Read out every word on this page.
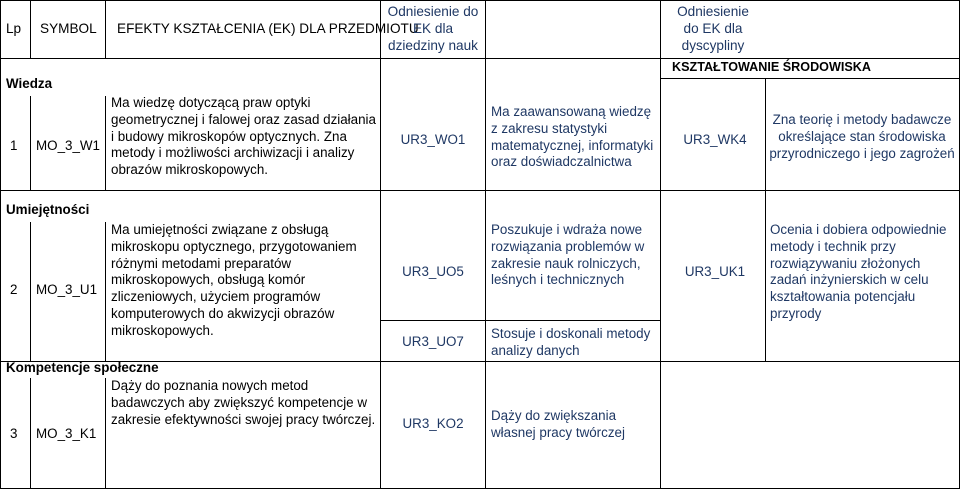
Lp SYMBOL EFEKTY KSZTAŁCENIA (EK) DLA PRZEDMIOTU
Odniesienie do EK dla dziedziny nauk
Odniesienie do EK dla dyscypliny
KSZTAŁTOWANIE ŚRODOWISKA
Wiedza
Umiejętności
Kompetencje społeczne
1 MO_3_W1
Ma wiedzę dotyczącą praw optyki geometrycznej i falowej oraz zasad działania i budowy mikroskopów optycznych. Zna metody i możliwości archiwizacji i analizy obrazów mikroskopowych.
UR3_WO1
Ma zaawansowaną wiedzę z zakresu statystyki matematycznej, informatyki oraz doświadczalnictwa
UR3_WK4
Zna teorię i metody badawcze określające stan środowiska przyrodniczego i jego zagrożeń
2 MO_3_U1
Ma umiejętności związane z obsługą mikroskopu optycznego, przygotowaniem różnymi metodami preparatów mikroskopowych, obsługą komór zliczeniowych, użyciem programów komputerowych do akwizycji obrazów mikroskopowych.
UR3_UO5
Poszukuje i wdraża nowe rozwiązania problemów w zakresie nauk rolniczych, leśnych i technicznych
UR3_UO7
Stosuje i doskonali metody analizy danych
UR3_UK1
Ocenia i dobiera odpowiednie metody i technik przy rozwiązywaniu złożonych zadań inżynierskich w celu kształtowania potencjału przyrody
3 MO_3_K1
Dąży do poznania nowych metod badawczych aby zwiększyć kompetencje w zakresie efektywności swojej pracy twórczej.	UR3_KO2
Dąży do zwiększania własnej pracy twórczej
